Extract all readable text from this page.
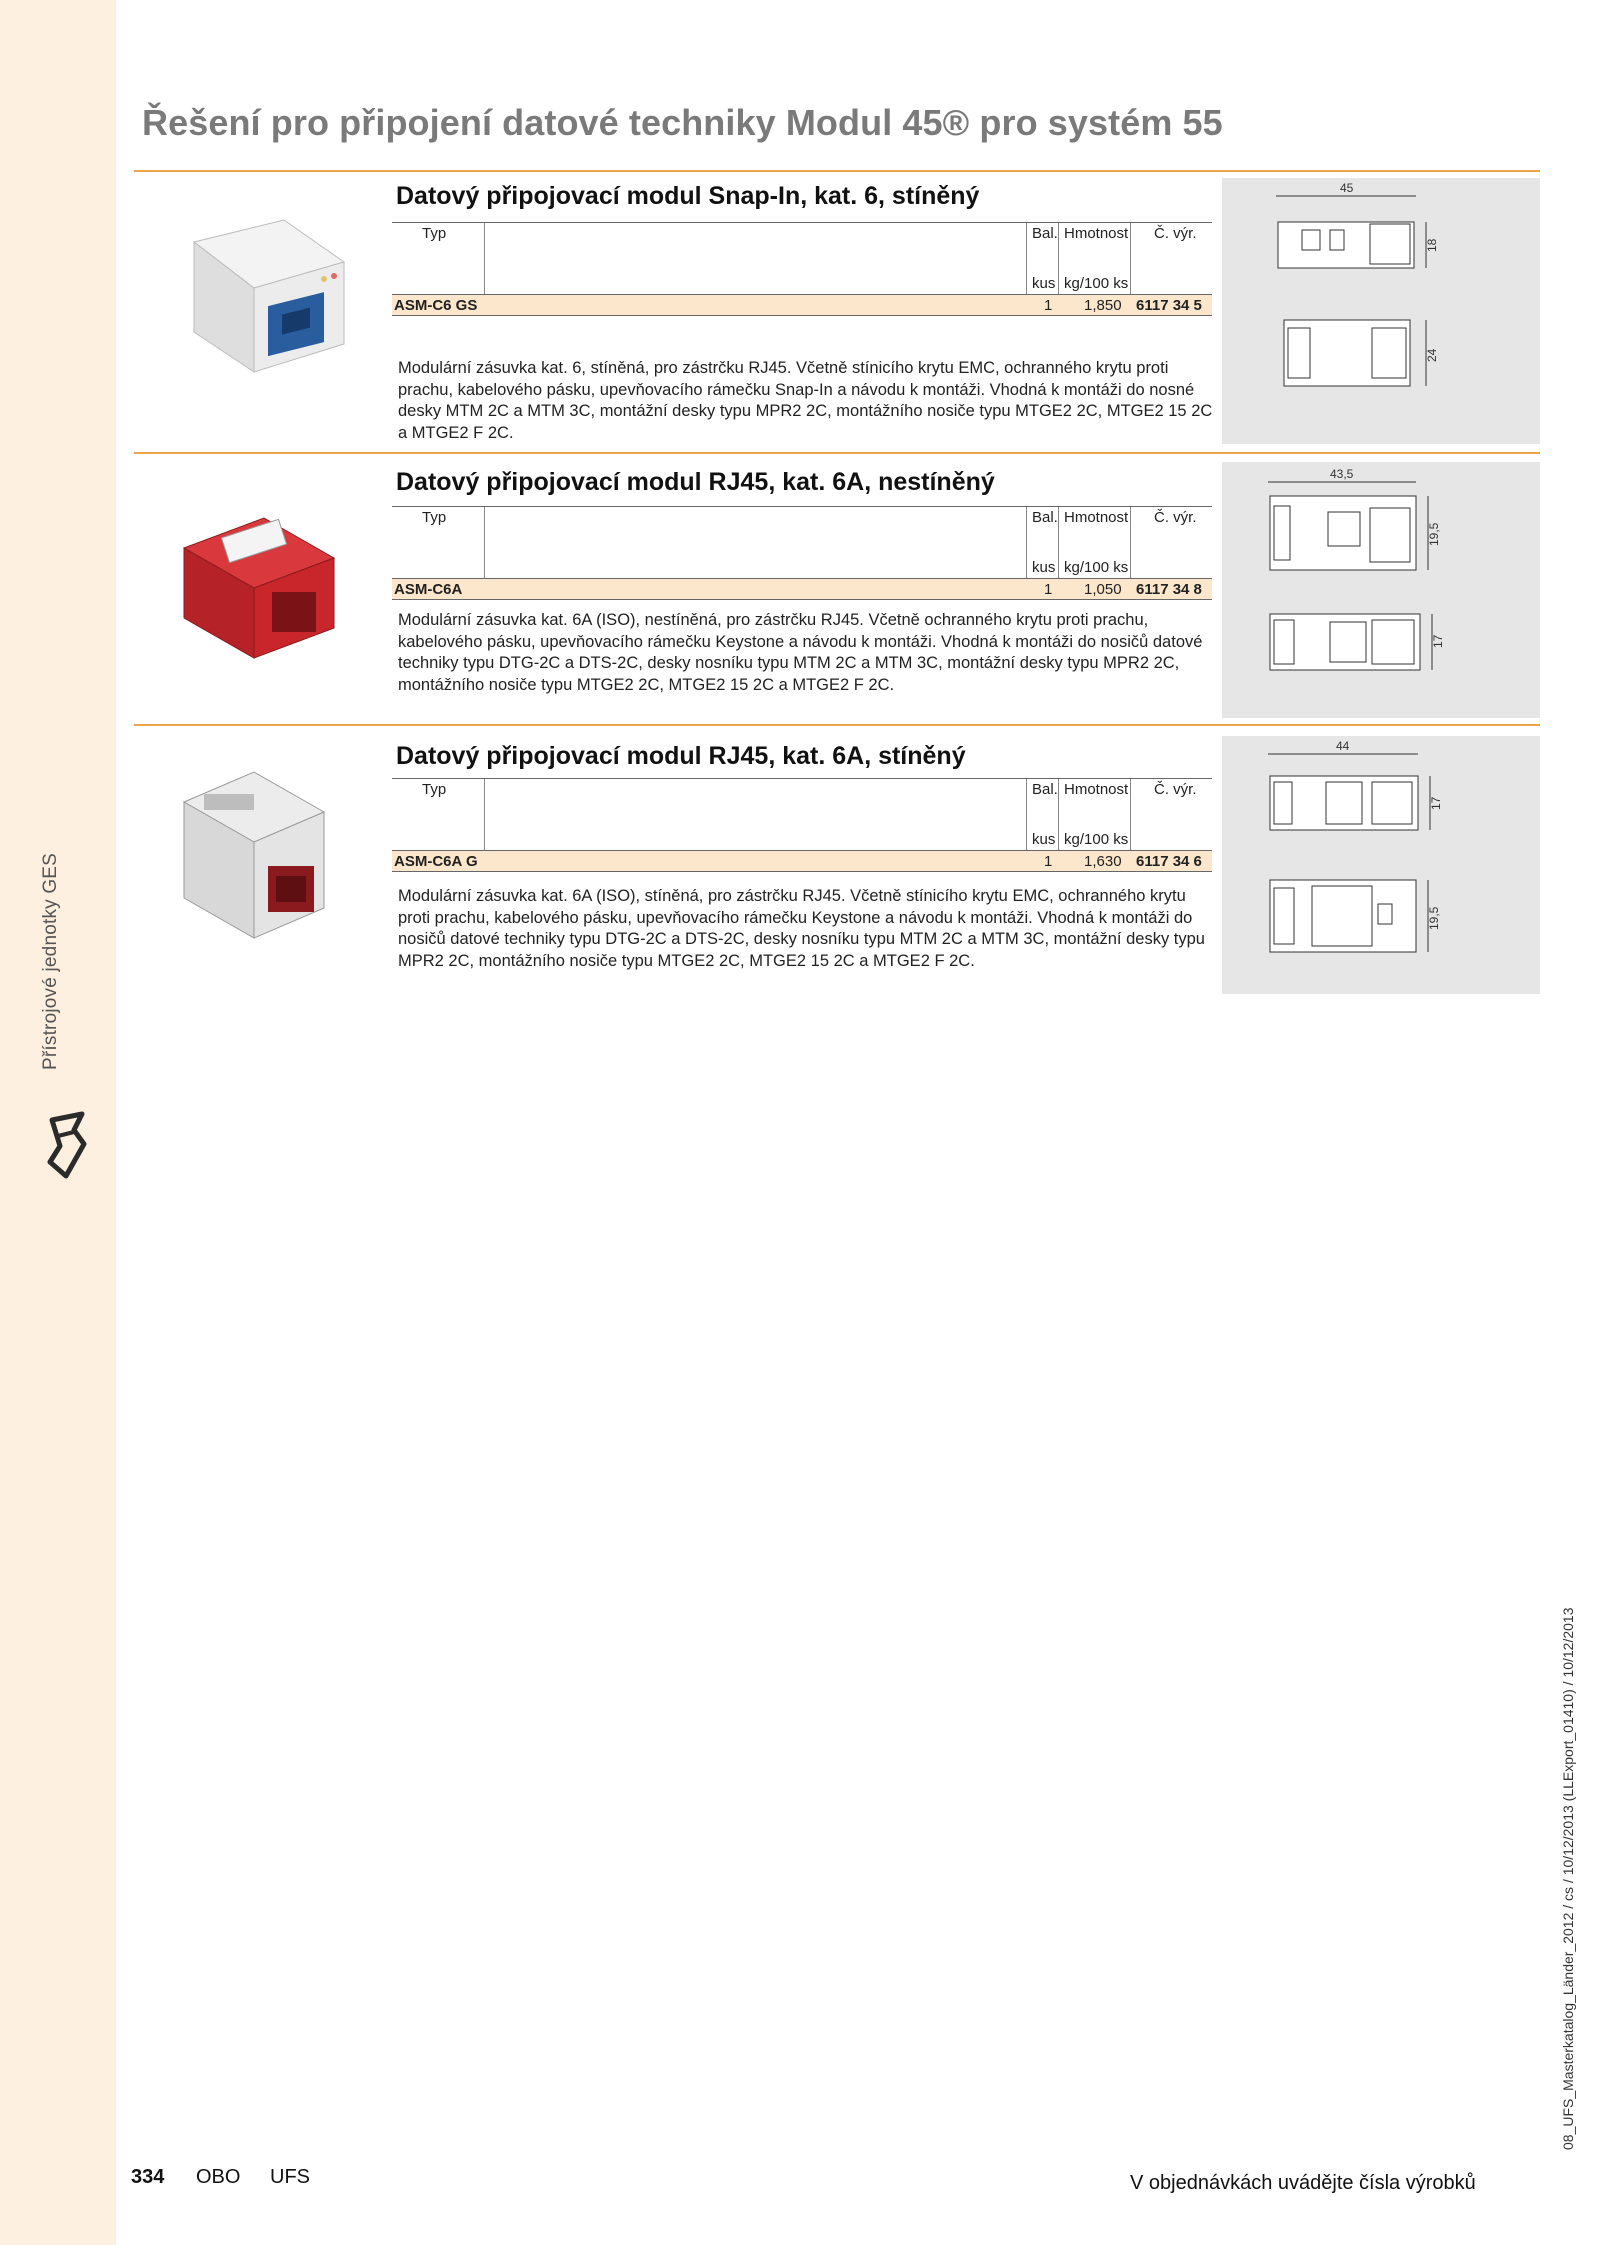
Přístrojové jednotky GES
Řešení pro připojení datové techniky Modul 45® pro systém 55
Datový připojovací modul Snap-In, kat. 6, stíněný
Typ	Bal. Hmotnost Č. výr.
kus kg/100 ks
ASM-C6 GS	1 1,850 6117 34 5
Modulární zásuvka kat. 6, stíněná, pro zástrčku RJ45. Včetně stínicího krytu EMC, ochranného krytu proti prachu, kabelového pásku, upevňovacího rámečku Snap-In a návodu k montáži. Vhodná k montáži do nosné desky MTM 2C a MTM 3C, montážní desky typu MPR2 2C, montážního nosiče typu MTGE2 2C, MTGE2 15 2C a MTGE2 F 2C.
45
18
24
Datový připojovací modul RJ45, kat. 6A, nestíněný
Typ	Bal. Hmotnost Č. výr.
kus kg/100 ks
ASM-C6A	1 1,050 6117 34 8
Modulární zásuvka kat. 6A (ISO), nestíněná, pro zástrčku RJ45. Včetně ochranného krytu proti prachu, kabelového pásku, upevňovacího rámečku Keystone a návodu k montáži. Vhodná k montáži do nosičů datové techniky typu DTG-2C a DTS-2C, desky nosníku typu MTM 2C a MTM 3C, montážní desky typu MPR2 2C, montážního nosiče typu MTGE2 2C, MTGE2 15 2C a MTGE2 F 2C.
43,5
19,5
17
Datový připojovací modul RJ45, kat. 6A, stíněný
Typ	Bal. Hmotnost Č. výr.
kus kg/100 ks
ASM-C6A G	1 1,630 6117 34 6
Modulární zásuvka kat. 6A (ISO), stíněná, pro zástrčku RJ45. Včetně stínicího krytu EMC, ochranného krytu proti prachu, kabelového pásku, upevňovacího rámečku Keystone a návodu k montáži. Vhodná k montáži do nosičů datové techniky typu DTG-2C a DTS-2C, desky nosníku typu MTM 2C a MTM 3C, montážní desky typu MPR2 2C, montážního nosiče typu MTGE2 2C, MTGE2 15 2C a MTGE2 F 2C.
44
17
19,5
334 OBO UFS	V objednávkách uvádějte čísla výrobků
08_UFS_Masterkatalog_Länder_2012 / cs / 10/12/2013 (LLExport_01410) / 10/12/2013
